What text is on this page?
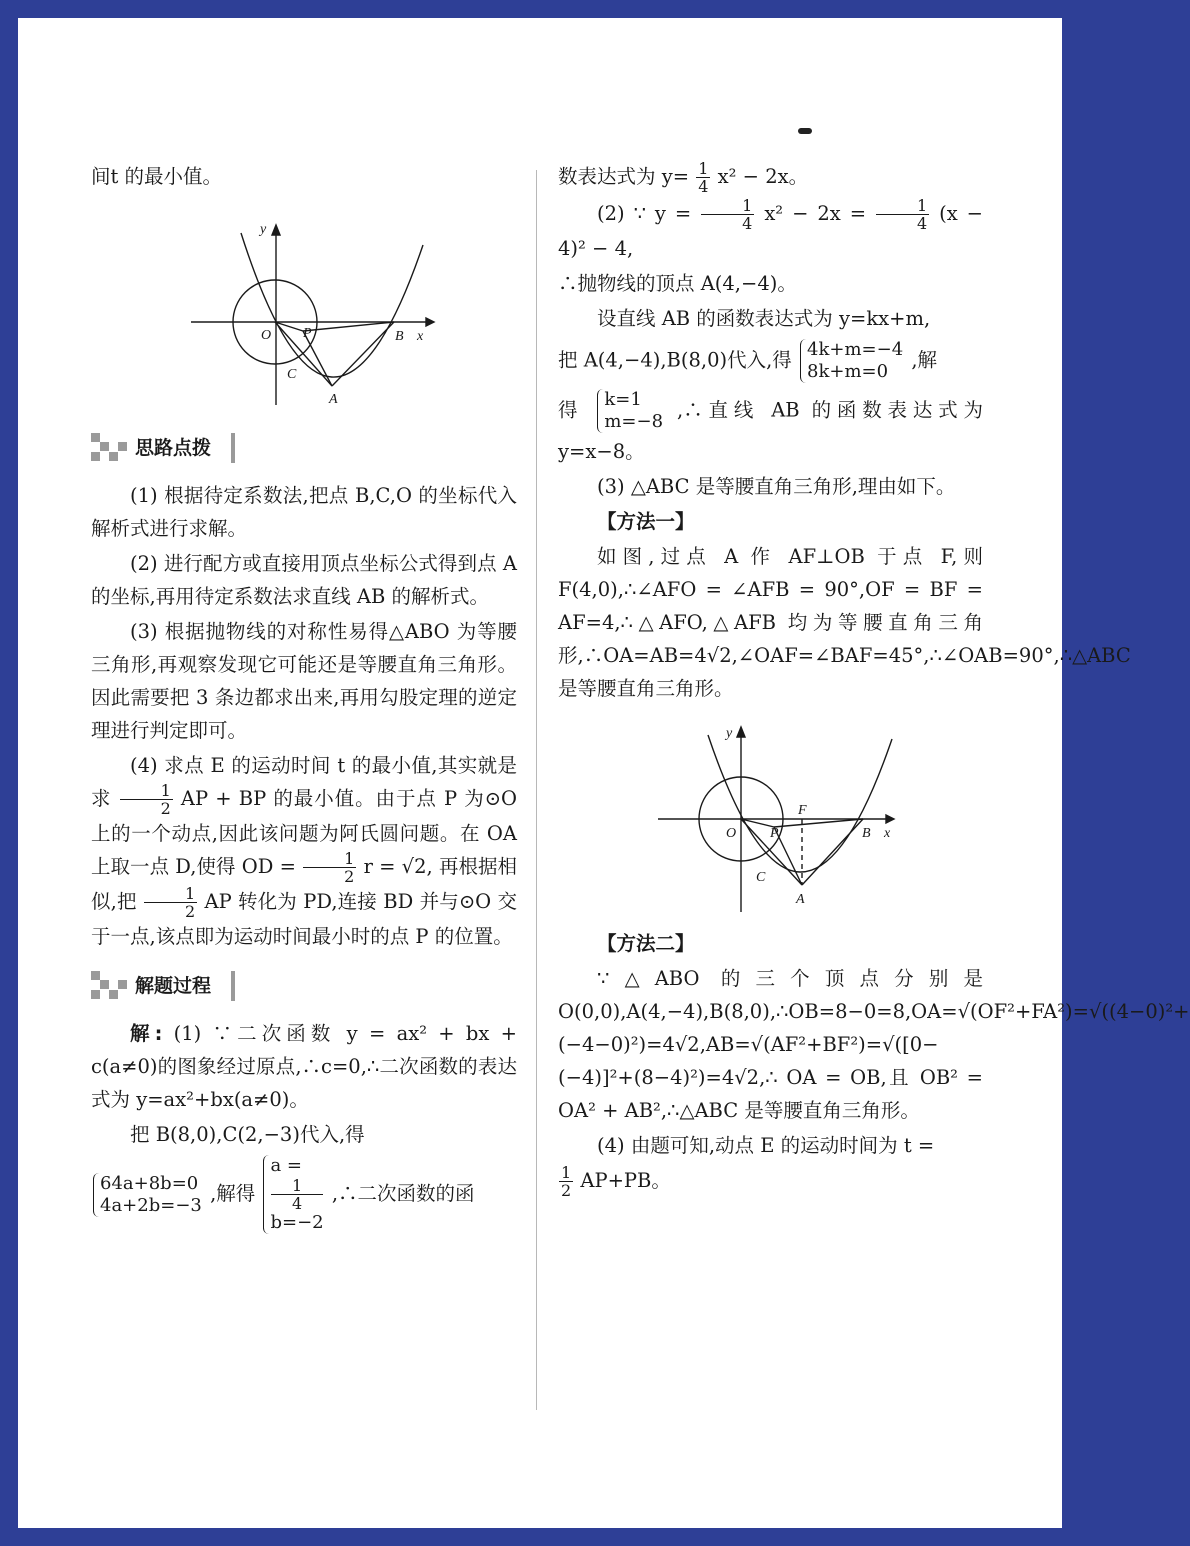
间t 的最小值。

y
x
O P	B
C
A
思路点拨

(1) 根据待定系数法,把点 B,C,O 的坐标代入解析式进行求解。

(2) 进行配方或直接用顶点坐标公式得到点 A 的坐标,再用待定系数法求直线 AB 的解析式。

(3) 根据抛物线的对称性易得△ABO 为等腰三角形,再观察发现它可能还是等腰直角三角形。因此需要把 3 条边都求出来,再用勾股定理的逆定理进行判定即可。

(4) 求点 E 的运动时间 t 的最小值,其实就是求 $\frac{1}{2}$ AP + BP 的最小值。由于点 P 为⊙O 上的一个动点,因此该问题为阿氏圆问题。在 OA 上取一点 D,使得 OD = $\frac{1}{2}$ r = √2, 再根据相似,把 $\frac{1}{2}$ AP 转化为 PD,连接 BD 并与⊙O 交于一点,该点即为运动时间最小时的点 P 的位置。

解题过程

解: (1) ∵二次函数 y = ax² + bx + c(a≠0)的图象经过原点,∴c=0,∴二次函数的表达式为 y=ax²+bx(a≠0)。

把 B(8,0),C(2,−3)代入,得

64a+8b=0
4a+2b=−3 ,解得
a =
1
4
b=−2
,∴二次函数的函

数表达式为 $y= \frac{1}{4} x^2 - 2x$。

(2) ∵ $y = \frac{1}{4} x^2 - 2x = \frac{1}{4} (x - 4)^2 - 4$,

∴抛物线的顶点 A(4,−4)。

设直线 AB 的函数表达式为 y=kx+m,

把 A(4,−4),B(8,0)代入,得 4k+m=−4
8k+m=0	,解

得 k=1
m=−8 ,∴直线 AB 的函数表达式为 y=x−8。

(3) △ABC 是等腰直角三角形,理由如下。

【方法一】

如图,过点 A 作 AF⊥OB 于点 F,则 F(4,0),∴∠AFO = ∠AFB = 90°,OF = BF = AF=4,∴△AFO,△AFB 均为等腰直角三角形,∴OA=AB=4√2,∠OAF=∠BAF=45°,∴∠OAB=90°,∴△ABC 是等腰直角三角形。

y
x
O P
F
B
C
A

【方法二】

∵△ABO 的三个顶点分别是 O(0,0),A(4,−4),B(8,0),∴OB=8−0=8,OA=√(OF²+FA²)=√((4−0)²+(−4−0)²)=4√2,AB=√(AF²+BF²)=√([0−(−4)]²+(8−4)²)=4√2,∴ OA = OB,且 OB² = OA² + AB²,∴△ABC 是等腰直角三角形。

(4) 由题可知,动点 E 的运动时间为 t =

$\frac{1}{2} AP+PB$。
